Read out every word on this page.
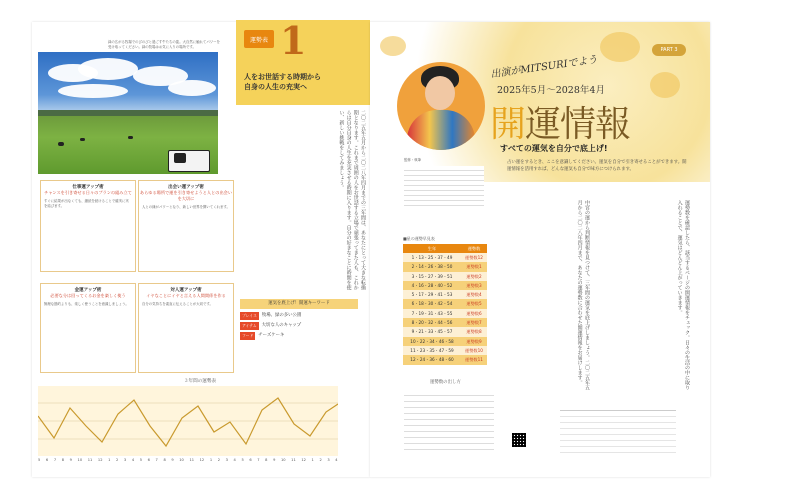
緑の広がる牧場でのびのびと過ごす牛たちの姿。大自然に触れてパワーを受け取ってください。緑の牧場はお気に入りの場所です。
運勢表 1
人をお世話する時期から
自身の人生の充実へ
二〇二五年五月から二〇二八年四月までの三年間は、あなたにとって大きな転換期となります。これまで周囲の人をお世話する立場で頑張ってきた人も、これからは自分自身の人生を充実させる時期に入ります。自分の好きなことに時間を使い、新しい挑戦をしてみましょう。
仕事運アップ術
チャンスを引き寄せる日々のプランの組み立て
すぐに結果が出なくても、継続を続けることで確実に実を結びます。
出会い運アップ術
あらゆる場所で運を引き寄せようと人との出会いを大切に
人との縁がパワーとなり、新しい世界を開いてくれます。
金運アップ術
必要な分は回ってくるお金を楽しく使う
無理な節約よりも、楽しく使うことを意識しましょう。
対人運アップ術
イヤなことにイヤと言える人間関係を作る
自分の気持ちを素直に伝えることが大切です。	運気を底上げ！開運キーワード
プレイス	牧場、緑の多い公園
アイテム	大切な人のキャップ
フード	チーズケーキ
３年間の運勢表
5 6 7 8 9 10 11 12 1 2 3 4 5 6 7 8 9 10 11 12 1 2 3 4 5 6 7 8 9 10 11 12 1 2 3 4
出演がMITSURIでよう
PART 3
2025年5月～2028年4月
開運情報
すべての運気を自分で底上げ!
占い運をするとき、ここを意識してください。運気を自分で引き寄せることができます。開運情報を活用すれば、どんな運気も自分で味方につけられます。
監修・執筆
■星の運勢早見表
生年	運勢数
1・13・25・37・49	運勢数12
2・14・26・38・50	運勢数1
3・15・27・39・51	運勢数2
4・16・28・40・52	運勢数3
5・17・29・41・53	運勢数4
6・18・30・42・54	運勢数5
7・19・31・43・55	運勢数6
8・20・32・44・56	運勢数7
9・21・33・45・57	運勢数8
10・22・34・46・58	運勢数9
11・23・35・47・59	運勢数10
12・24・36・48・60	運勢数11
運勢数の出し方	中宮の運から判断情報を見つけて、三年間の運気を底上げしましょう。二〇二五年五月から二〇二八年四月まで、あなたの運勢数に合わせた開運情報をお届けします。	運勢数を確認したら、該当するページの開運情報をチェック。日々の生活の中に取り入れることで、運気はどんどん上がっていきます。
